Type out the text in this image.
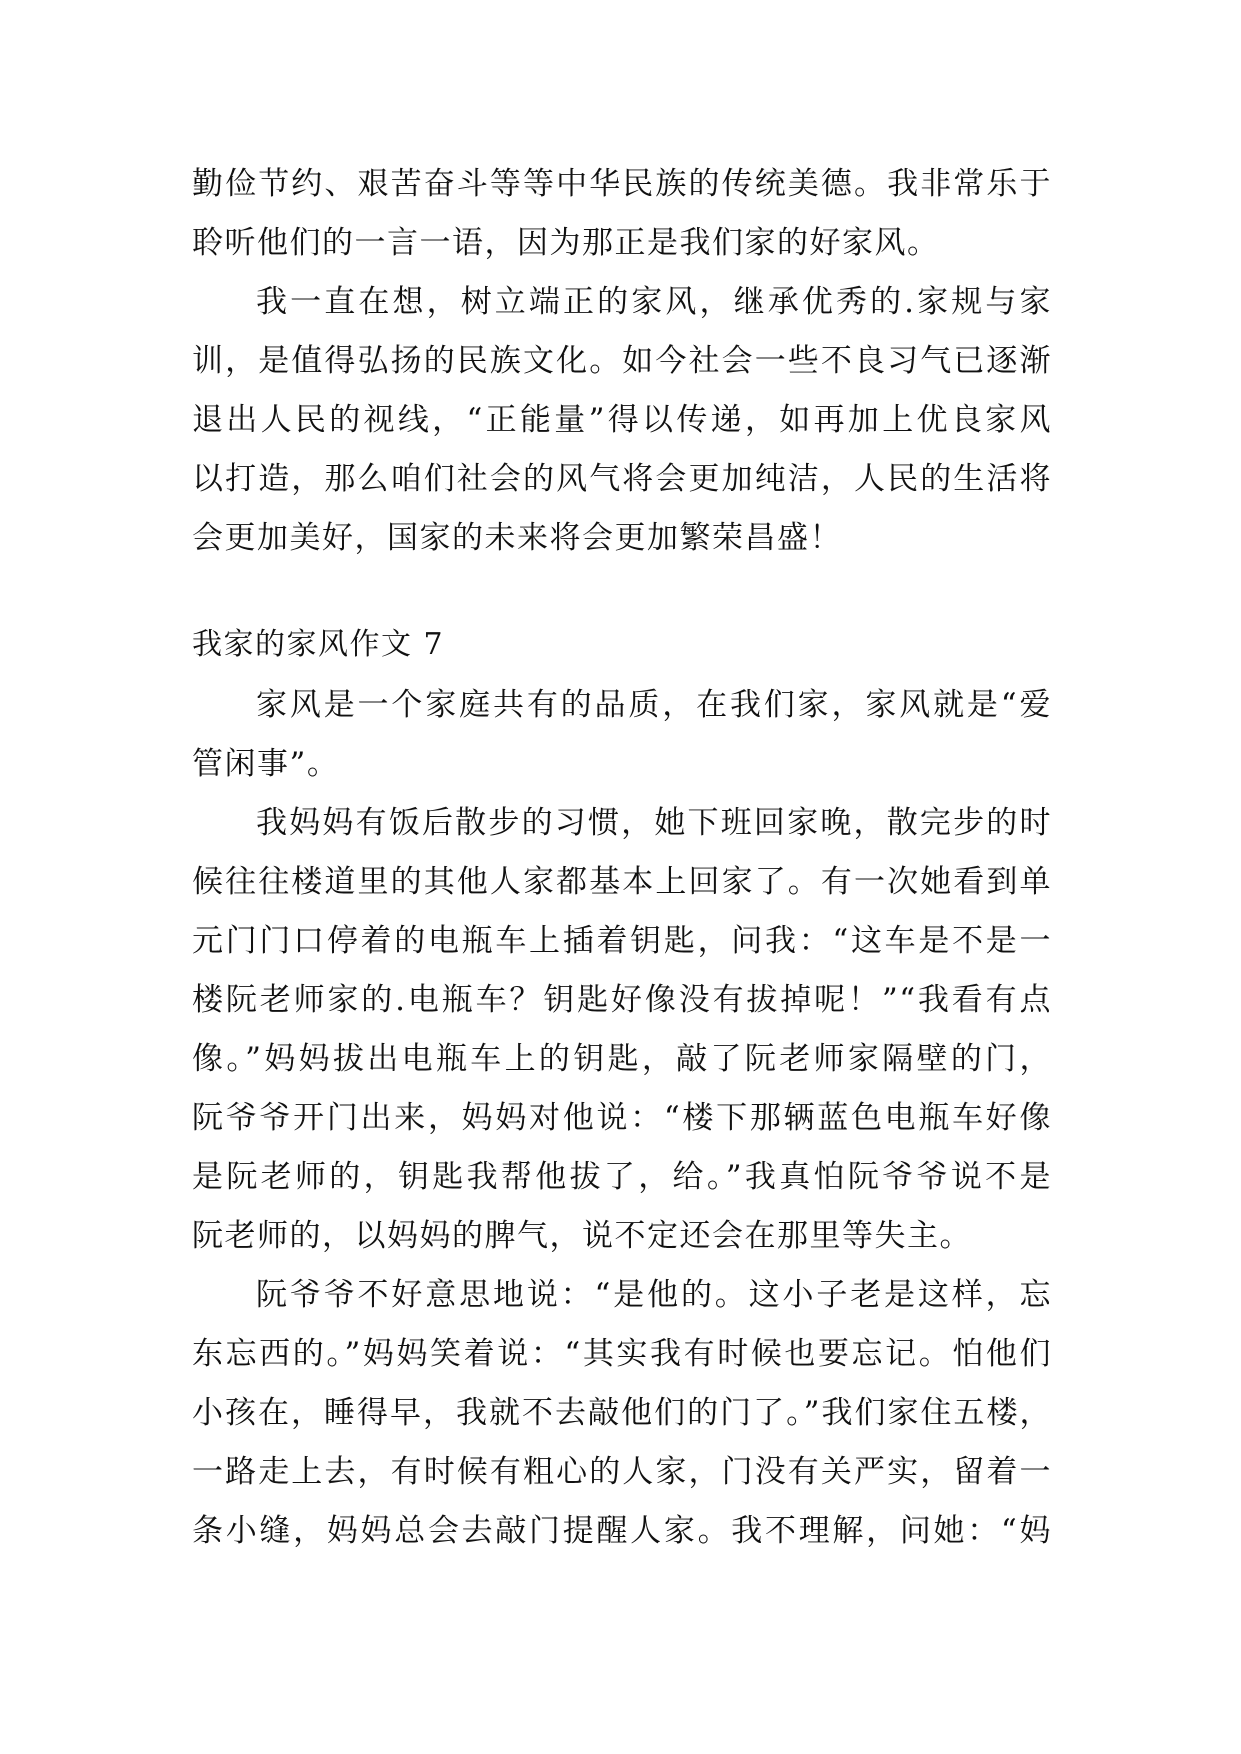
勤俭节约、艰苦奋斗等等中华民族的传统美德。我非常乐于
聆听他们的一言一语，因为那正是我们家的好家风。
我一直在想，树立端正的家风，继承优秀的.家规与家
训，是值得弘扬的民族文化。如今社会一些不良习气已逐渐
退出人民的视线，“正能量”得以传递，如再加上优良家风
以打造，那么咱们社会的风气将会更加纯洁，人民的生活将
会更加美好，国家的未来将会更加繁荣昌盛！
我家的家风作文 7
家风是一个家庭共有的品质，在我们家，家风就是“爱
管闲事”。
我妈妈有饭后散步的习惯，她下班回家晚，散完步的时
候往往楼道里的其他人家都基本上回家了。有一次她看到单
元门门口停着的电瓶车上插着钥匙，问我：“这车是不是一
楼阮老师家的.电瓶车？钥匙好像没有拔掉呢！”“我看有点
像。”妈妈拔出电瓶车上的钥匙，敲了阮老师家隔壁的门，
阮爷爷开门出来，妈妈对他说：“楼下那辆蓝色电瓶车好像
是阮老师的，钥匙我帮他拔了，给。”我真怕阮爷爷说不是
阮老师的，以妈妈的脾气，说不定还会在那里等失主。
阮爷爷不好意思地说：“是他的。这小子老是这样，忘
东忘西的。”妈妈笑着说：“其实我有时候也要忘记。怕他们
小孩在，睡得早，我就不去敲他们的门了。”我们家住五楼，
一路走上去，有时候有粗心的人家，门没有关严实，留着一
条小缝，妈妈总会去敲门提醒人家。我不理解，问她：“妈
